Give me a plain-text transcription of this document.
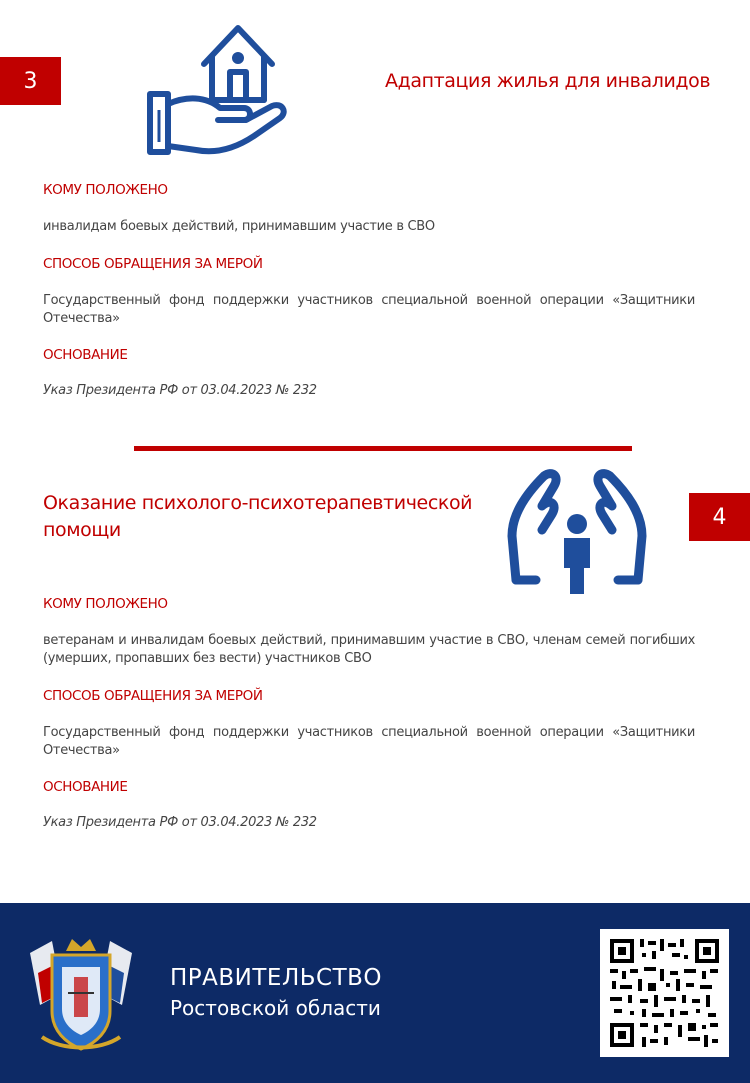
3	Адаптация жилья для инвалидов
КОМУ ПОЛОЖЕНО
инвалидам боевых действий, принимавшим участие в СВО
СПОСОБ ОБРАЩЕНИЯ ЗА МЕРОЙ
Государственный фонд поддержки участников специальной военной операции «Защитники Отечества»
ОСНОВАНИЕ
Указ Президента РФ от 03.04.2023 № 232
Оказание психолого-психотерапевтической
помощи
4
КОМУ ПОЛОЖЕНО
ветеранам и инвалидам боевых действий, принимавшим участие в СВО, членам семей погибших (умерших, пропавших без вести) участников СВО
СПОСОБ ОБРАЩЕНИЯ ЗА МЕРОЙ
Государственный фонд поддержки участников специальной военной операции «Защитники Отечества»
ОСНОВАНИЕ
Указ Президента РФ от 03.04.2023 № 232
ПРАВИТЕЛЬСТВО
Ростовской области
